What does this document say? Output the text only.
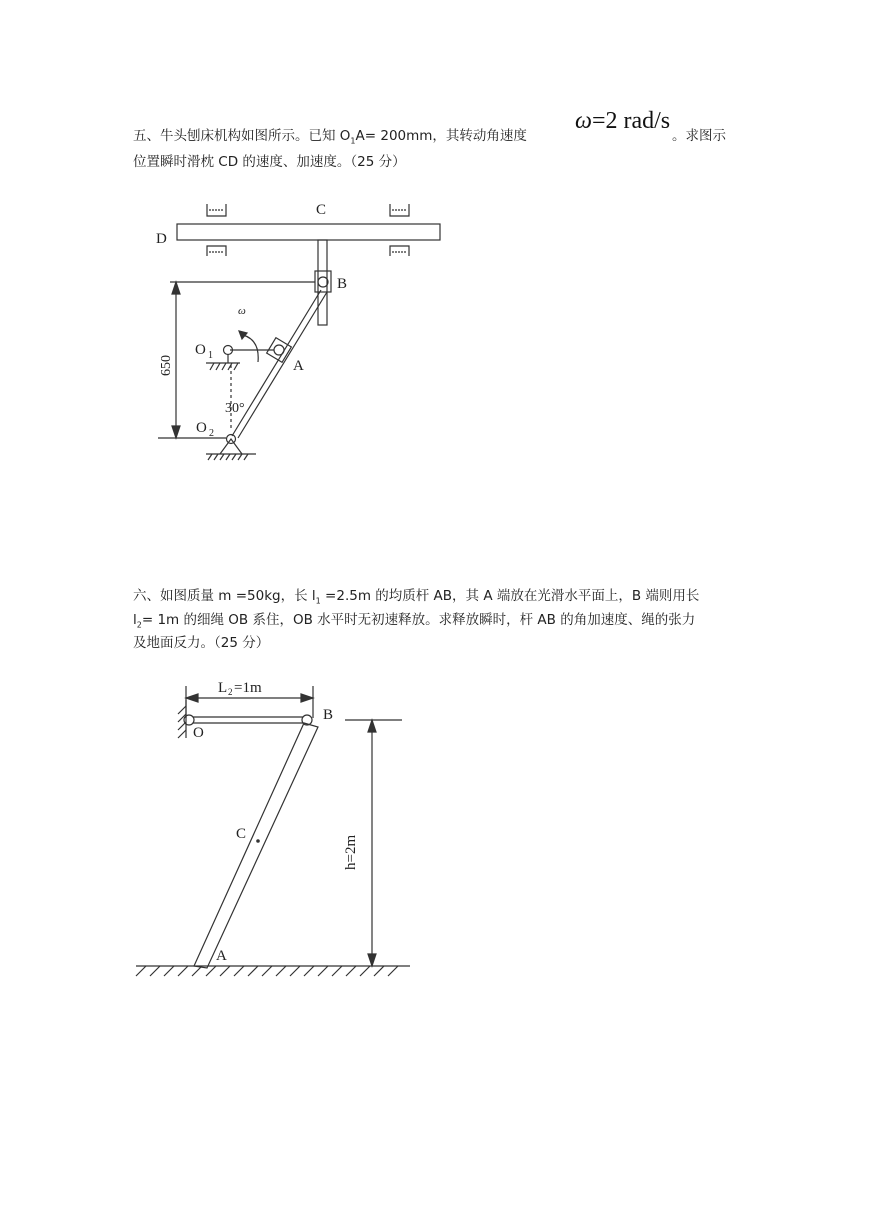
五、牛头刨床机构如图所示。已知 $O_1A= 200mm$，其转动角速度
ω=2 rad/s
。求图示
位置瞬时滑枕 CD 的速度、加速度。（25 分）
C
D
B
A
ω
O 1
O 2
30°
650
六、如图质量 m =50kg，长 $l_1 =2.5m$ 的均质杆 AB，其 A 端放在光滑水平面上，B 端则用长
$l_2= 1m$ 的细绳 OB 系住，OB 水平时无初速释放。求释放瞬时，杆 AB 的角加速度、绳的张力
及地面反力。（25 分）
L 2 =1m
O
B
C
A
h=2m
